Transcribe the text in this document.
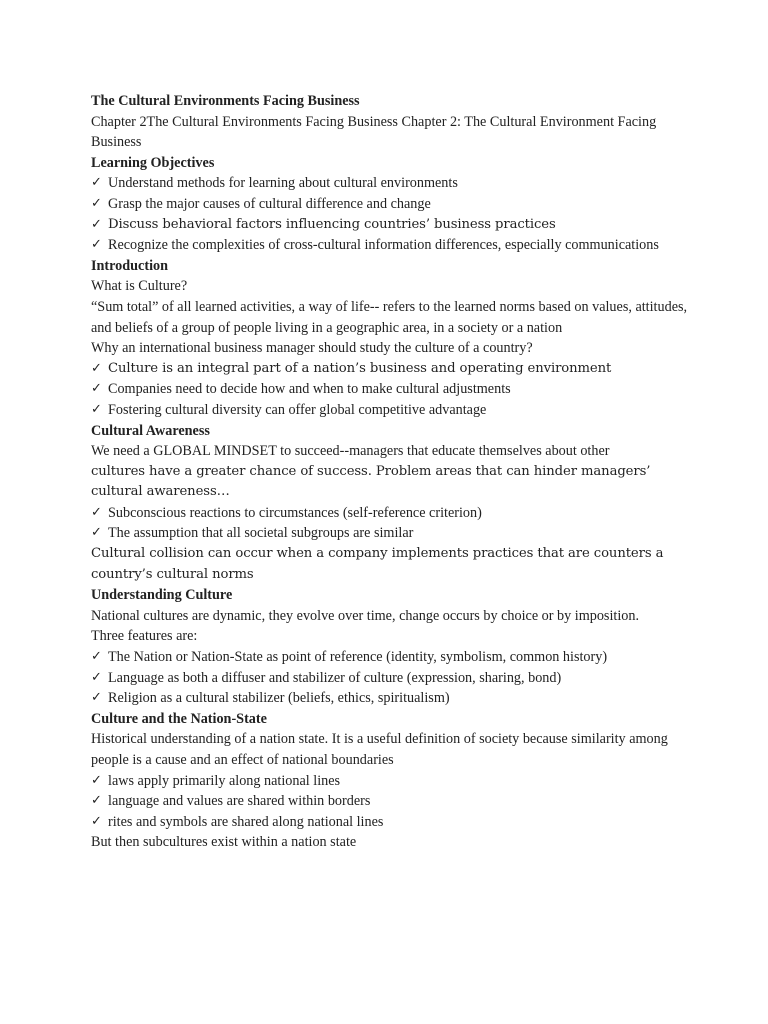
The Cultural Environments Facing Business

Chapter 2The Cultural Environments Facing Business Chapter 2: The Cultural Environment Facing Business

Learning Objectives

✓ Understand methods for learning about cultural environments
✓ Grasp the major causes of cultural difference and change
✓ Discuss behavioral factors influencing countries’ business practices
✓ Recognize the complexities of cross-cultural information differences, especially communications

Introduction

What is Culture?

“Sum total” of all learned activities, a way of life-- refers to the learned norms based on values, attitudes, and beliefs of a group of people living in a geographic area, in a society or a nation

Why an international business manager should study the culture of a country?

✓ Culture is an integral part of a nation’s business and operating environment
✓ Companies need to decide how and when to make cultural adjustments
✓ Fostering cultural diversity can offer global competitive advantage

Cultural Awareness

We need a GLOBAL MINDSET to succeed--managers that educate themselves about other

cultures have a greater chance of success. Problem areas that can hinder managers’ cultural awareness…

✓ Subconscious reactions to circumstances (self-reference criterion)
✓ The assumption that all societal subgroups are similar

Cultural collision can occur when a company implements practices that are counters a country’s cultural norms

Understanding Culture

National cultures are dynamic, they evolve over time, change occurs by choice or by imposition.

Three features are:

✓ The Nation or Nation-State as point of reference (identity, symbolism, common history)
✓ Language as both a diffuser and stabilizer of culture (expression, sharing, bond)
✓ Religion as a cultural stabilizer (beliefs, ethics, spiritualism)

Culture and the Nation-State

Historical understanding of a nation state. It is a useful definition of society because similarity among people is a cause and an effect of national boundaries

✓ laws apply primarily along national lines
✓ language and values are shared within borders
✓ rites and symbols are shared along national lines

But then subcultures exist within a nation state
